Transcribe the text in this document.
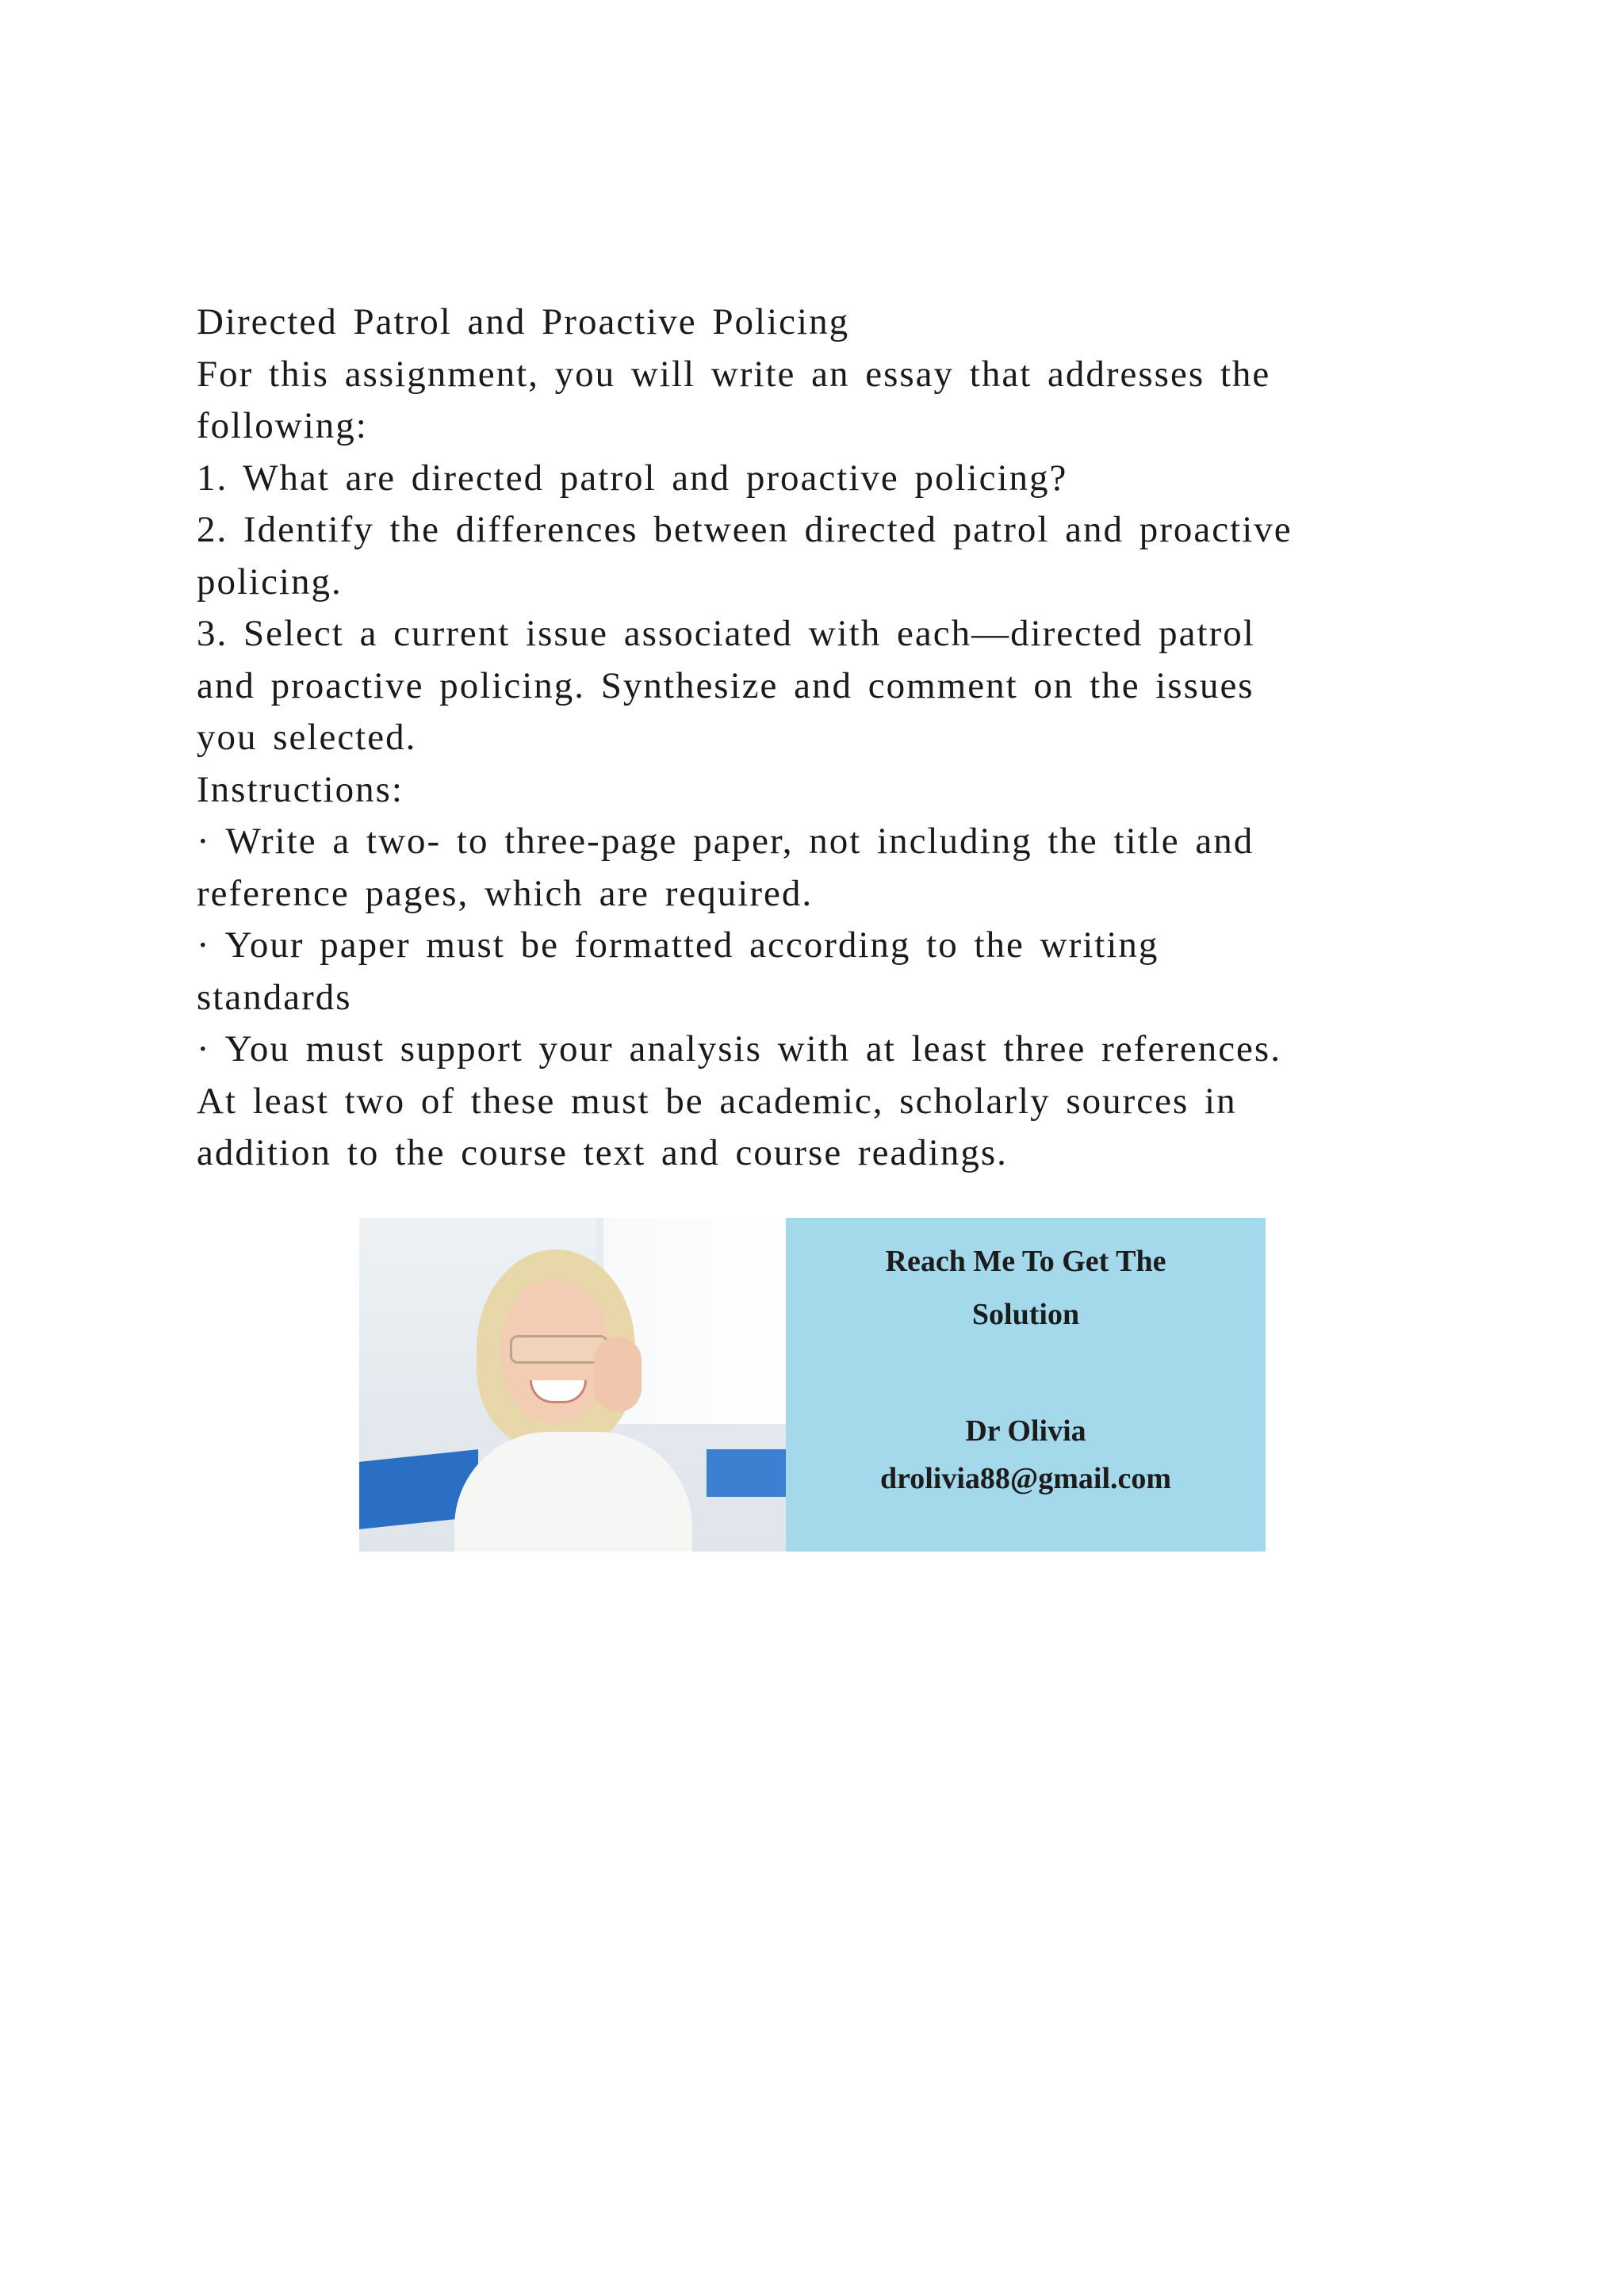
Directed Patrol and Proactive Policing
For this assignment, you will write an essay that addresses the
following:
1. What are directed patrol and proactive policing?
2. Identify the differences between directed patrol and proactive
policing.
3. Select a current issue associated with each—directed patrol
and proactive policing. Synthesize and comment on the issues
you selected.
Instructions:
· Write a two- to three-page paper, not including the title and
reference pages, which are required.
· Your paper must be formatted according to the writing
standards
· You must support your analysis with at least three references.
At least two of these must be academic, scholarly sources in
addition to the course text and course readings.
Reach Me To Get The
Solution
Dr Olivia
drolivia88@gmail.com
